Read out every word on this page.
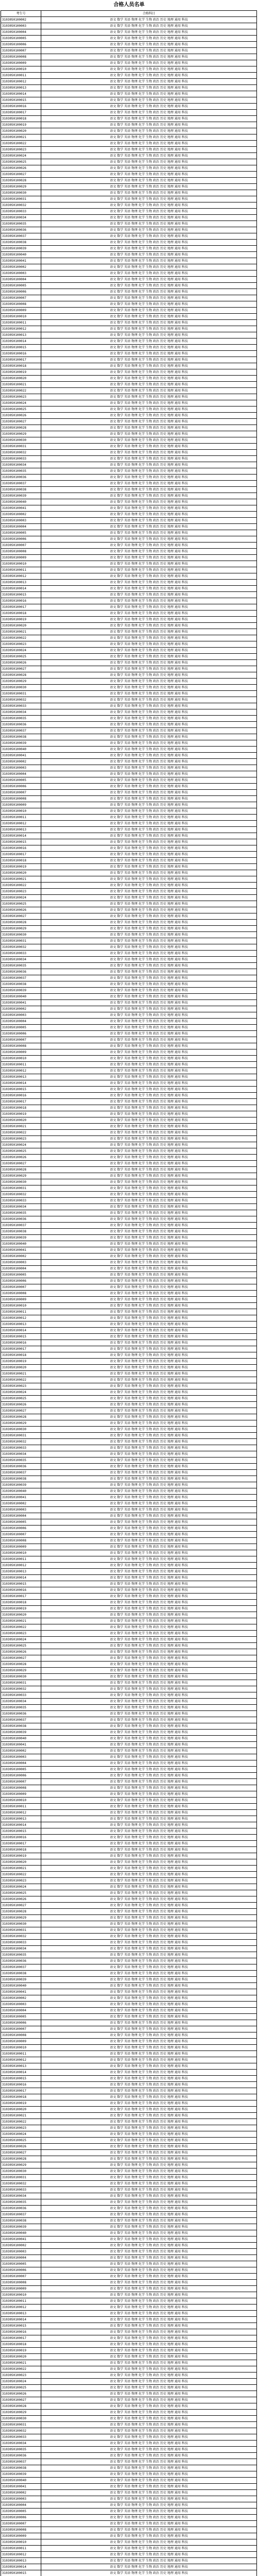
合格人员名单
考生号	合格科目
3103050100002	语文 数学 英语 物理 化学 生物 政治 历史 地理 通用 科技
3103050100003	语文 数学 英语 物理 化学 生物 政治 历史 地理 通用 科技
3103050100004	语文 数学 英语 物理 化学 生物 政治 历史 地理 通用 科技
3103050100005	语文 数学 英语 物理 化学 生物 政治 历史 地理 通用 科技
3103050100006	语文 数学 英语 物理 化学 生物 政治 历史 地理 通用 科技
3103050100007	语文 数学 英语 物理 化学 生物 政治 历史 地理 通用 科技
3103050100008	语文 数学 英语 物理 化学 生物 政治 历史 地理 通用 科技
3103050100009	语文 数学 英语 物理 化学 生物 政治 历史 地理 通用 科技
3103050100010	语文 数学 英语 物理 化学 生物 政治 历史 地理 通用 科技
3103050100011	语文 数学 英语 物理 化学 生物 政治 历史 地理 通用 科技
3103050100012	语文 数学 英语 物理 化学 生物 政治 历史 地理 通用 科技
3103050100013	语文 数学 英语 物理 化学 生物 政治 历史 地理 通用 科技
3103050100014	语文 数学 英语 物理 化学 生物 政治 历史 地理 通用 科技
3103050100015	语文 数学 英语 物理 化学 生物 政治 历史 地理 通用 科技
3103050100016	语文 数学 英语 物理 化学 生物 政治 历史 地理 通用 科技
3103050100017	语文 数学 英语 物理 化学 生物 政治 历史 地理 通用 科技
3103050100018	语文 数学 英语 物理 化学 生物 政治 历史 地理 通用 科技
3103050100019	语文 数学 英语 物理 化学 生物 政治 历史 地理 通用 科技
3103050100020	语文 数学 英语 物理 化学 生物 政治 历史 地理 通用 科技
3103050100021	语文 数学 英语 物理 化学 生物 政治 历史 地理 通用 科技
3103050100022	语文 数学 英语 物理 化学 生物 政治 历史 地理 通用 科技
3103050100023	语文 数学 英语 物理 化学 生物 政治 历史 地理 通用 科技
3103050100024	语文 数学 英语 物理 化学 生物 政治 历史 地理 通用 科技
3103050100025	语文 数学 英语 物理 化学 生物 政治 历史 地理 通用 科技
3103050100026	语文 数学 英语 物理 化学 生物 政治 历史 地理 通用 科技
3103050100027	语文 数学 英语 物理 化学 生物 政治 历史 地理 通用 科技
3103050100028	语文 数学 英语 物理 化学 生物 政治 历史 地理 通用 科技
3103050100029	语文 数学 英语 物理 化学 生物 政治 历史 地理 通用 科技
3103050100030	语文 数学 英语 物理 化学 生物 政治 历史 地理 通用 科技
3103050100031	语文 数学 英语 物理 化学 生物 政治 历史 地理 通用 科技
3103050100032	语文 数学 英语 物理 化学 生物 政治 历史 地理 通用 科技
3103050100033	语文 数学 英语 物理 化学 生物 政治 历史 地理 通用 科技
3103050100034	语文 数学 英语 物理 化学 生物 政治 历史 地理 通用 科技
3103050100035	语文 数学 英语 物理 化学 生物 政治 历史 地理 通用 科技
3103050100036	语文 数学 英语 物理 化学 生物 政治 历史 地理 通用 科技
3103050100037	语文 数学 英语 物理 化学 生物 政治 历史 地理 通用 科技
3103050100038	语文 数学 英语 物理 化学 生物 政治 历史 地理 通用 科技
3103050100039	语文 数学 英语 物理 化学 生物 政治 历史 地理 通用 科技
3103050100040	语文 数学 英语 物理 化学 生物 政治 历史 地理 通用 科技
3103050100041	语文 数学 英语 物理 化学 生物 政治 历史 地理 通用 科技
3103050100002	语文 数学 英语 物理 化学 生物 政治 历史 地理 通用 科技
3103050100003	语文 数学 英语 物理 化学 生物 政治 历史 地理 通用 科技
3103050100004	语文 数学 英语 物理 化学 生物 政治 历史 地理 通用 科技
3103050100005	语文 数学 英语 物理 化学 生物 政治 历史 地理 通用 科技
3103050100006	语文 数学 英语 物理 化学 生物 政治 历史 地理 通用 科技
3103050100007	语文 数学 英语 物理 化学 生物 政治 历史 地理 通用 科技
3103050100008	语文 数学 英语 物理 化学 生物 政治 历史 地理 通用 科技
3103050100009	语文 数学 英语 物理 化学 生物 政治 历史 地理 通用 科技
3103050100010	语文 数学 英语 物理 化学 生物 政治 历史 地理 通用 科技
3103050100011	语文 数学 英语 物理 化学 生物 政治 历史 地理 通用 科技
3103050100012	语文 数学 英语 物理 化学 生物 政治 历史 地理 通用 科技
3103050100013	语文 数学 英语 物理 化学 生物 政治 历史 地理 通用 科技
3103050100014	语文 数学 英语 物理 化学 生物 政治 历史 地理 通用 科技
3103050100015	语文 数学 英语 物理 化学 生物 政治 历史 地理 通用 科技
3103050100016	语文 数学 英语 物理 化学 生物 政治 历史 地理 通用 科技
3103050100017	语文 数学 英语 物理 化学 生物 政治 历史 地理 通用 科技
3103050100018	语文 数学 英语 物理 化学 生物 政治 历史 地理 通用 科技
3103050100019	语文 数学 英语 物理 化学 生物 政治 历史 地理 通用 科技
3103050100020	语文 数学 英语 物理 化学 生物 政治 历史 地理 通用 科技
3103050100021	语文 数学 英语 物理 化学 生物 政治 历史 地理 通用 科技
3103050100022	语文 数学 英语 物理 化学 生物 政治 历史 地理 通用 科技
3103050100023	语文 数学 英语 物理 化学 生物 政治 历史 地理 通用 科技
3103050100024	语文 数学 英语 物理 化学 生物 政治 历史 地理 通用 科技
3103050100025	语文 数学 英语 物理 化学 生物 政治 历史 地理 通用 科技
3103050100026	语文 数学 英语 物理 化学 生物 政治 历史 地理 通用 科技
3103050100027	语文 数学 英语 物理 化学 生物 政治 历史 地理 通用 科技
3103050100028	语文 数学 英语 物理 化学 生物 政治 历史 地理 通用 科技
3103050100029	语文 数学 英语 物理 化学 生物 政治 历史 地理 通用 科技
3103050100030	语文 数学 英语 物理 化学 生物 政治 历史 地理 通用 科技
3103050100031	语文 数学 英语 物理 化学 生物 政治 历史 地理 通用 科技
3103050100032	语文 数学 英语 物理 化学 生物 政治 历史 地理 通用 科技
3103050100033	语文 数学 英语 物理 化学 生物 政治 历史 地理 通用 科技
3103050100034	语文 数学 英语 物理 化学 生物 政治 历史 地理 通用 科技
3103050100035	语文 数学 英语 物理 化学 生物 政治 历史 地理 通用 科技
3103050100036	语文 数学 英语 物理 化学 生物 政治 历史 地理 通用 科技
3103050100037	语文 数学 英语 物理 化学 生物 政治 历史 地理 通用 科技
3103050100038	语文 数学 英语 物理 化学 生物 政治 历史 地理 通用 科技
3103050100039	语文 数学 英语 物理 化学 生物 政治 历史 地理 通用 科技
3103050100040	语文 数学 英语 物理 化学 生物 政治 历史 地理 通用 科技
3103050100041	语文 数学 英语 物理 化学 生物 政治 历史 地理 通用 科技
3103050100002	语文 数学 英语 物理 化学 生物 政治 历史 地理 通用 科技
3103050100003	语文 数学 英语 物理 化学 生物 政治 历史 地理 通用 科技
3103050100004	语文 数学 英语 物理 化学 生物 政治 历史 地理 通用 科技
3103050100005	语文 数学 英语 物理 化学 生物 政治 历史 地理 通用 科技
3103050100006	语文 数学 英语 物理 化学 生物 政治 历史 地理 通用 科技
3103050100007	语文 数学 英语 物理 化学 生物 政治 历史 地理 通用 科技
3103050100008	语文 数学 英语 物理 化学 生物 政治 历史 地理 通用 科技
3103050100009	语文 数学 英语 物理 化学 生物 政治 历史 地理 通用 科技
3103050100010	语文 数学 英语 物理 化学 生物 政治 历史 地理 通用 科技
3103050100011	语文 数学 英语 物理 化学 生物 政治 历史 地理 通用 科技
3103050100012	语文 数学 英语 物理 化学 生物 政治 历史 地理 通用 科技
3103050100013	语文 数学 英语 物理 化学 生物 政治 历史 地理 通用 科技
3103050100014	语文 数学 英语 物理 化学 生物 政治 历史 地理 通用 科技
3103050100015	语文 数学 英语 物理 化学 生物 政治 历史 地理 通用 科技
3103050100016	语文 数学 英语 物理 化学 生物 政治 历史 地理 通用 科技
3103050100017	语文 数学 英语 物理 化学 生物 政治 历史 地理 通用 科技
3103050100018	语文 数学 英语 物理 化学 生物 政治 历史 地理 通用 科技
3103050100019	语文 数学 英语 物理 化学 生物 政治 历史 地理 通用 科技
3103050100020	语文 数学 英语 物理 化学 生物 政治 历史 地理 通用 科技
3103050100021	语文 数学 英语 物理 化学 生物 政治 历史 地理 通用 科技
3103050100022	语文 数学 英语 物理 化学 生物 政治 历史 地理 通用 科技
3103050100023	语文 数学 英语 物理 化学 生物 政治 历史 地理 通用 科技
3103050100024	语文 数学 英语 物理 化学 生物 政治 历史 地理 通用 科技
3103050100025	语文 数学 英语 物理 化学 生物 政治 历史 地理 通用 科技
3103050100026	语文 数学 英语 物理 化学 生物 政治 历史 地理 通用 科技
3103050100027	语文 数学 英语 物理 化学 生物 政治 历史 地理 通用 科技
3103050100028	语文 数学 英语 物理 化学 生物 政治 历史 地理 通用 科技
3103050100029	语文 数学 英语 物理 化学 生物 政治 历史 地理 通用 科技
3103050100030	语文 数学 英语 物理 化学 生物 政治 历史 地理 通用 科技
3103050100031	语文 数学 英语 物理 化学 生物 政治 历史 地理 通用 科技
3103050100032	语文 数学 英语 物理 化学 生物 政治 历史 地理 通用 科技
3103050100033	语文 数学 英语 物理 化学 生物 政治 历史 地理 通用 科技
3103050100034	语文 数学 英语 物理 化学 生物 政治 历史 地理 通用 科技
3103050100035	语文 数学 英语 物理 化学 生物 政治 历史 地理 通用 科技
3103050100036	语文 数学 英语 物理 化学 生物 政治 历史 地理 通用 科技
3103050100037	语文 数学 英语 物理 化学 生物 政治 历史 地理 通用 科技
3103050100038	语文 数学 英语 物理 化学 生物 政治 历史 地理 通用 科技
3103050100039	语文 数学 英语 物理 化学 生物 政治 历史 地理 通用 科技
3103050100040	语文 数学 英语 物理 化学 生物 政治 历史 地理 通用 科技
3103050100041	语文 数学 英语 物理 化学 生物 政治 历史 地理 通用 科技
3103050100002	语文 数学 英语 物理 化学 生物 政治 历史 地理 通用 科技
3103050100003	语文 数学 英语 物理 化学 生物 政治 历史 地理 通用 科技
3103050100004	语文 数学 英语 物理 化学 生物 政治 历史 地理 通用 科技
3103050100005	语文 数学 英语 物理 化学 生物 政治 历史 地理 通用 科技
3103050100006	语文 数学 英语 物理 化学 生物 政治 历史 地理 通用 科技
3103050100007	语文 数学 英语 物理 化学 生物 政治 历史 地理 通用 科技
3103050100008	语文 数学 英语 物理 化学 生物 政治 历史 地理 通用 科技
3103050100009	语文 数学 英语 物理 化学 生物 政治 历史 地理 通用 科技
3103050100010	语文 数学 英语 物理 化学 生物 政治 历史 地理 通用 科技
3103050100011	语文 数学 英语 物理 化学 生物 政治 历史 地理 通用 科技
3103050100012	语文 数学 英语 物理 化学 生物 政治 历史 地理 通用 科技
3103050100013	语文 数学 英语 物理 化学 生物 政治 历史 地理 通用 科技
3103050100014	语文 数学 英语 物理 化学 生物 政治 历史 地理 通用 科技
3103050100015	语文 数学 英语 物理 化学 生物 政治 历史 地理 通用 科技
3103050100016	语文 数学 英语 物理 化学 生物 政治 历史 地理 通用 科技
3103050100017	语文 数学 英语 物理 化学 生物 政治 历史 地理 通用 科技
3103050100018	语文 数学 英语 物理 化学 生物 政治 历史 地理 通用 科技
3103050100019	语文 数学 英语 物理 化学 生物 政治 历史 地理 通用 科技
3103050100020	语文 数学 英语 物理 化学 生物 政治 历史 地理 通用 科技
3103050100021	语文 数学 英语 物理 化学 生物 政治 历史 地理 通用 科技
3103050100022	语文 数学 英语 物理 化学 生物 政治 历史 地理 通用 科技
3103050100023	语文 数学 英语 物理 化学 生物 政治 历史 地理 通用 科技
3103050100024	语文 数学 英语 物理 化学 生物 政治 历史 地理 通用 科技
3103050100025	语文 数学 英语 物理 化学 生物 政治 历史 地理 通用 科技
3103050100026	语文 数学 英语 物理 化学 生物 政治 历史 地理 通用 科技
3103050100027	语文 数学 英语 物理 化学 生物 政治 历史 地理 通用 科技
3103050100028	语文 数学 英语 物理 化学 生物 政治 历史 地理 通用 科技
3103050100029	语文 数学 英语 物理 化学 生物 政治 历史 地理 通用 科技
3103050100030	语文 数学 英语 物理 化学 生物 政治 历史 地理 通用 科技
3103050100031	语文 数学 英语 物理 化学 生物 政治 历史 地理 通用 科技
3103050100032	语文 数学 英语 物理 化学 生物 政治 历史 地理 通用 科技
3103050100033	语文 数学 英语 物理 化学 生物 政治 历史 地理 通用 科技
3103050100034	语文 数学 英语 物理 化学 生物 政治 历史 地理 通用 科技
3103050100035	语文 数学 英语 物理 化学 生物 政治 历史 地理 通用 科技
3103050100036	语文 数学 英语 物理 化学 生物 政治 历史 地理 通用 科技
3103050100037	语文 数学 英语 物理 化学 生物 政治 历史 地理 通用 科技
3103050100038	语文 数学 英语 物理 化学 生物 政治 历史 地理 通用 科技
3103050100039	语文 数学 英语 物理 化学 生物 政治 历史 地理 通用 科技
3103050100040	语文 数学 英语 物理 化学 生物 政治 历史 地理 通用 科技
3103050100041	语文 数学 英语 物理 化学 生物 政治 历史 地理 通用 科技
3103050100002	语文 数学 英语 物理 化学 生物 政治 历史 地理 通用 科技
3103050100003	语文 数学 英语 物理 化学 生物 政治 历史 地理 通用 科技
3103050100004	语文 数学 英语 物理 化学 生物 政治 历史 地理 通用 科技
3103050100005	语文 数学 英语 物理 化学 生物 政治 历史 地理 通用 科技
3103050100006	语文 数学 英语 物理 化学 生物 政治 历史 地理 通用 科技
3103050100007	语文 数学 英语 物理 化学 生物 政治 历史 地理 通用 科技
3103050100008	语文 数学 英语 物理 化学 生物 政治 历史 地理 通用 科技
3103050100009	语文 数学 英语 物理 化学 生物 政治 历史 地理 通用 科技
3103050100010	语文 数学 英语 物理 化学 生物 政治 历史 地理 通用 科技
3103050100011	语文 数学 英语 物理 化学 生物 政治 历史 地理 通用 科技
3103050100012	语文 数学 英语 物理 化学 生物 政治 历史 地理 通用 科技
3103050100013	语文 数学 英语 物理 化学 生物 政治 历史 地理 通用 科技
3103050100014	语文 数学 英语 物理 化学 生物 政治 历史 地理 通用 科技
3103050100015	语文 数学 英语 物理 化学 生物 政治 历史 地理 通用 科技
3103050100016	语文 数学 英语 物理 化学 生物 政治 历史 地理 通用 科技
3103050100017	语文 数学 英语 物理 化学 生物 政治 历史 地理 通用 科技
3103050100018	语文 数学 英语 物理 化学 生物 政治 历史 地理 通用 科技
3103050100019	语文 数学 英语 物理 化学 生物 政治 历史 地理 通用 科技
3103050100020	语文 数学 英语 物理 化学 生物 政治 历史 地理 通用 科技
3103050100021	语文 数学 英语 物理 化学 生物 政治 历史 地理 通用 科技
3103050100022	语文 数学 英语 物理 化学 生物 政治 历史 地理 通用 科技
3103050100023	语文 数学 英语 物理 化学 生物 政治 历史 地理 通用 科技
3103050100024	语文 数学 英语 物理 化学 生物 政治 历史 地理 通用 科技
3103050100025	语文 数学 英语 物理 化学 生物 政治 历史 地理 通用 科技
3103050100026	语文 数学 英语 物理 化学 生物 政治 历史 地理 通用 科技
3103050100027	语文 数学 英语 物理 化学 生物 政治 历史 地理 通用 科技
3103050100028	语文 数学 英语 物理 化学 生物 政治 历史 地理 通用 科技
3103050100029	语文 数学 英语 物理 化学 生物 政治 历史 地理 通用 科技
3103050100030	语文 数学 英语 物理 化学 生物 政治 历史 地理 通用 科技
3103050100031	语文 数学 英语 物理 化学 生物 政治 历史 地理 通用 科技
3103050100032	语文 数学 英语 物理 化学 生物 政治 历史 地理 通用 科技
3103050100033	语文 数学 英语 物理 化学 生物 政治 历史 地理 通用 科技
3103050100034	语文 数学 英语 物理 化学 生物 政治 历史 地理 通用 科技
3103050100035	语文 数学 英语 物理 化学 生物 政治 历史 地理 通用 科技
3103050100036	语文 数学 英语 物理 化学 生物 政治 历史 地理 通用 科技
3103050100037	语文 数学 英语 物理 化学 生物 政治 历史 地理 通用 科技
3103050100038	语文 数学 英语 物理 化学 生物 政治 历史 地理 通用 科技
3103050100039	语文 数学 英语 物理 化学 生物 政治 历史 地理 通用 科技
3103050100040	语文 数学 英语 物理 化学 生物 政治 历史 地理 通用 科技
3103050100041	语文 数学 英语 物理 化学 生物 政治 历史 地理 通用 科技
3103050100002	语文 数学 英语 物理 化学 生物 政治 历史 地理 通用 科技
3103050100003	语文 数学 英语 物理 化学 生物 政治 历史 地理 通用 科技
3103050100004	语文 数学 英语 物理 化学 生物 政治 历史 地理 通用 科技
3103050100005	语文 数学 英语 物理 化学 生物 政治 历史 地理 通用 科技
3103050100006	语文 数学 英语 物理 化学 生物 政治 历史 地理 通用 科技
3103050100007	语文 数学 英语 物理 化学 生物 政治 历史 地理 通用 科技
3103050100008	语文 数学 英语 物理 化学 生物 政治 历史 地理 通用 科技
3103050100009	语文 数学 英语 物理 化学 生物 政治 历史 地理 通用 科技
3103050100010	语文 数学 英语 物理 化学 生物 政治 历史 地理 通用 科技
3103050100011	语文 数学 英语 物理 化学 生物 政治 历史 地理 通用 科技
3103050100012	语文 数学 英语 物理 化学 生物 政治 历史 地理 通用 科技
3103050100013	语文 数学 英语 物理 化学 生物 政治 历史 地理 通用 科技
3103050100014	语文 数学 英语 物理 化学 生物 政治 历史 地理 通用 科技
3103050100015	语文 数学 英语 物理 化学 生物 政治 历史 地理 通用 科技
3103050100016	语文 数学 英语 物理 化学 生物 政治 历史 地理 通用 科技
3103050100017	语文 数学 英语 物理 化学 生物 政治 历史 地理 通用 科技
3103050100018	语文 数学 英语 物理 化学 生物 政治 历史 地理 通用 科技
3103050100019	语文 数学 英语 物理 化学 生物 政治 历史 地理 通用 科技
3103050100020	语文 数学 英语 物理 化学 生物 政治 历史 地理 通用 科技
3103050100021	语文 数学 英语 物理 化学 生物 政治 历史 地理 通用 科技
3103050100022	语文 数学 英语 物理 化学 生物 政治 历史 地理 通用 科技
3103050100023	语文 数学 英语 物理 化学 生物 政治 历史 地理 通用 科技
3103050100024	语文 数学 英语 物理 化学 生物 政治 历史 地理 通用 科技
3103050100025	语文 数学 英语 物理 化学 生物 政治 历史 地理 通用 科技
3103050100026	语文 数学 英语 物理 化学 生物 政治 历史 地理 通用 科技
3103050100027	语文 数学 英语 物理 化学 生物 政治 历史 地理 通用 科技
3103050100028	语文 数学 英语 物理 化学 生物 政治 历史 地理 通用 科技
3103050100029	语文 数学 英语 物理 化学 生物 政治 历史 地理 通用 科技
3103050100030	语文 数学 英语 物理 化学 生物 政治 历史 地理 通用 科技
3103050100031	语文 数学 英语 物理 化学 生物 政治 历史 地理 通用 科技
3103050100032	语文 数学 英语 物理 化学 生物 政治 历史 地理 通用 科技
3103050100033	语文 数学 英语 物理 化学 生物 政治 历史 地理 通用 科技
3103050100034	语文 数学 英语 物理 化学 生物 政治 历史 地理 通用 科技
3103050100035	语文 数学 英语 物理 化学 生物 政治 历史 地理 通用 科技
3103050100036	语文 数学 英语 物理 化学 生物 政治 历史 地理 通用 科技
3103050100037	语文 数学 英语 物理 化学 生物 政治 历史 地理 通用 科技
3103050100038	语文 数学 英语 物理 化学 生物 政治 历史 地理 通用 科技
3103050100039	语文 数学 英语 物理 化学 生物 政治 历史 地理 通用 科技
3103050100040	语文 数学 英语 物理 化学 生物 政治 历史 地理 通用 科技
3103050100041	语文 数学 英语 物理 化学 生物 政治 历史 地理 通用 科技
3103050100002	语文 数学 英语 物理 化学 生物 政治 历史 地理 通用 科技
3103050100003	语文 数学 英语 物理 化学 生物 政治 历史 地理 通用 科技
3103050100004	语文 数学 英语 物理 化学 生物 政治 历史 地理 通用 科技
3103050100005	语文 数学 英语 物理 化学 生物 政治 历史 地理 通用 科技
3103050100006	语文 数学 英语 物理 化学 生物 政治 历史 地理 通用 科技
3103050100007	语文 数学 英语 物理 化学 生物 政治 历史 地理 通用 科技
3103050100008	语文 数学 英语 物理 化学 生物 政治 历史 地理 通用 科技
3103050100009	语文 数学 英语 物理 化学 生物 政治 历史 地理 通用 科技
3103050100010	语文 数学 英语 物理 化学 生物 政治 历史 地理 通用 科技
3103050100011	语文 数学 英语 物理 化学 生物 政治 历史 地理 通用 科技
3103050100012	语文 数学 英语 物理 化学 生物 政治 历史 地理 通用 科技
3103050100013	语文 数学 英语 物理 化学 生物 政治 历史 地理 通用 科技
3103050100014	语文 数学 英语 物理 化学 生物 政治 历史 地理 通用 科技
3103050100015	语文 数学 英语 物理 化学 生物 政治 历史 地理 通用 科技
3103050100016	语文 数学 英语 物理 化学 生物 政治 历史 地理 通用 科技
3103050100017	语文 数学 英语 物理 化学 生物 政治 历史 地理 通用 科技
3103050100018	语文 数学 英语 物理 化学 生物 政治 历史 地理 通用 科技
3103050100019	语文 数学 英语 物理 化学 生物 政治 历史 地理 通用 科技
3103050100020	语文 数学 英语 物理 化学 生物 政治 历史 地理 通用 科技
3103050100021	语文 数学 英语 物理 化学 生物 政治 历史 地理 通用 科技
3103050100022	语文 数学 英语 物理 化学 生物 政治 历史 地理 通用 科技
3103050100023	语文 数学 英语 物理 化学 生物 政治 历史 地理 通用 科技
3103050100024	语文 数学 英语 物理 化学 生物 政治 历史 地理 通用 科技
3103050100025	语文 数学 英语 物理 化学 生物 政治 历史 地理 通用 科技
3103050100026	语文 数学 英语 物理 化学 生物 政治 历史 地理 通用 科技
3103050100027	语文 数学 英语 物理 化学 生物 政治 历史 地理 通用 科技
3103050100028	语文 数学 英语 物理 化学 生物 政治 历史 地理 通用 科技
3103050100029	语文 数学 英语 物理 化学 生物 政治 历史 地理 通用 科技
3103050100030	语文 数学 英语 物理 化学 生物 政治 历史 地理 通用 科技
3103050100031	语文 数学 英语 物理 化学 生物 政治 历史 地理 通用 科技
3103050100032	语文 数学 英语 物理 化学 生物 政治 历史 地理 通用 科技
3103050100033	语文 数学 英语 物理 化学 生物 政治 历史 地理 通用 科技
3103050100034	语文 数学 英语 物理 化学 生物 政治 历史 地理 通用 科技
3103050100035	语文 数学 英语 物理 化学 生物 政治 历史 地理 通用 科技
3103050100036	语文 数学 英语 物理 化学 生物 政治 历史 地理 通用 科技
3103050100037	语文 数学 英语 物理 化学 生物 政治 历史 地理 通用 科技
3103050100038	语文 数学 英语 物理 化学 生物 政治 历史 地理 通用 科技
3103050100039	语文 数学 英语 物理 化学 生物 政治 历史 地理 通用 科技
3103050100040	语文 数学 英语 物理 化学 生物 政治 历史 地理 通用 科技
3103050100041	语文 数学 英语 物理 化学 生物 政治 历史 地理 通用 科技
3103050100002	语文 数学 英语 物理 化学 生物 政治 历史 地理 通用 科技
3103050100003	语文 数学 英语 物理 化学 生物 政治 历史 地理 通用 科技
3103050100004	语文 数学 英语 物理 化学 生物 政治 历史 地理 通用 科技
3103050100005	语文 数学 英语 物理 化学 生物 政治 历史 地理 通用 科技
3103050100006	语文 数学 英语 物理 化学 生物 政治 历史 地理 通用 科技
3103050100007	语文 数学 英语 物理 化学 生物 政治 历史 地理 通用 科技
3103050100008	语文 数学 英语 物理 化学 生物 政治 历史 地理 通用 科技
3103050100009	语文 数学 英语 物理 化学 生物 政治 历史 地理 通用 科技
3103050100010	语文 数学 英语 物理 化学 生物 政治 历史 地理 通用 科技
3103050100011	语文 数学 英语 物理 化学 生物 政治 历史 地理 通用 科技
3103050100012	语文 数学 英语 物理 化学 生物 政治 历史 地理 通用 科技
3103050100013	语文 数学 英语 物理 化学 生物 政治 历史 地理 通用 科技
3103050100014	语文 数学 英语 物理 化学 生物 政治 历史 地理 通用 科技
3103050100015	语文 数学 英语 物理 化学 生物 政治 历史 地理 通用 科技
3103050100016	语文 数学 英语 物理 化学 生物 政治 历史 地理 通用 科技
3103050100017	语文 数学 英语 物理 化学 生物 政治 历史 地理 通用 科技
3103050100018	语文 数学 英语 物理 化学 生物 政治 历史 地理 通用 科技
3103050100019	语文 数学 英语 物理 化学 生物 政治 历史 地理 通用 科技
3103050100020	语文 数学 英语 物理 化学 生物 政治 历史 地理 通用 科技
3103050100021	语文 数学 英语 物理 化学 生物 政治 历史 地理 通用 科技
3103050100022	语文 数学 英语 物理 化学 生物 政治 历史 地理 通用 科技
3103050100023	语文 数学 英语 物理 化学 生物 政治 历史 地理 通用 科技
3103050100024	语文 数学 英语 物理 化学 生物 政治 历史 地理 通用 科技
3103050100025	语文 数学 英语 物理 化学 生物 政治 历史 地理 通用 科技
3103050100026	语文 数学 英语 物理 化学 生物 政治 历史 地理 通用 科技
3103050100027	语文 数学 英语 物理 化学 生物 政治 历史 地理 通用 科技
3103050100028	语文 数学 英语 物理 化学 生物 政治 历史 地理 通用 科技
3103050100029	语文 数学 英语 物理 化学 生物 政治 历史 地理 通用 科技
3103050100030	语文 数学 英语 物理 化学 生物 政治 历史 地理 通用 科技
3103050100031	语文 数学 英语 物理 化学 生物 政治 历史 地理 通用 科技
3103050100032	语文 数学 英语 物理 化学 生物 政治 历史 地理 通用 科技
3103050100033	语文 数学 英语 物理 化学 生物 政治 历史 地理 通用 科技
3103050100034	语文 数学 英语 物理 化学 生物 政治 历史 地理 通用 科技
3103050100035	语文 数学 英语 物理 化学 生物 政治 历史 地理 通用 科技
3103050100036	语文 数学 英语 物理 化学 生物 政治 历史 地理 通用 科技
3103050100037	语文 数学 英语 物理 化学 生物 政治 历史 地理 通用 科技
3103050100038	语文 数学 英语 物理 化学 生物 政治 历史 地理 通用 科技
3103050100039	语文 数学 英语 物理 化学 生物 政治 历史 地理 通用 科技
3103050100040	语文 数学 英语 物理 化学 生物 政治 历史 地理 通用 科技
3103050100041	语文 数学 英语 物理 化学 生物 政治 历史 地理 通用 科技
3103050100002	语文 数学 英语 物理 化学 生物 政治 历史 地理 通用 科技
3103050100003	语文 数学 英语 物理 化学 生物 政治 历史 地理 通用 科技
3103050100004	语文 数学 英语 物理 化学 生物 政治 历史 地理 通用 科技
3103050100005	语文 数学 英语 物理 化学 生物 政治 历史 地理 通用 科技
3103050100006	语文 数学 英语 物理 化学 生物 政治 历史 地理 通用 科技
3103050100007	语文 数学 英语 物理 化学 生物 政治 历史 地理 通用 科技
3103050100008	语文 数学 英语 物理 化学 生物 政治 历史 地理 通用 科技
3103050100009	语文 数学 英语 物理 化学 生物 政治 历史 地理 通用 科技
3103050100010	语文 数学 英语 物理 化学 生物 政治 历史 地理 通用 科技
3103050100011	语文 数学 英语 物理 化学 生物 政治 历史 地理 通用 科技
3103050100012	语文 数学 英语 物理 化学 生物 政治 历史 地理 通用 科技
3103050100013	语文 数学 英语 物理 化学 生物 政治 历史 地理 通用 科技
3103050100014	语文 数学 英语 物理 化学 生物 政治 历史 地理 通用 科技
3103050100015	语文 数学 英语 物理 化学 生物 政治 历史 地理 通用 科技
3103050100016	语文 数学 英语 物理 化学 生物 政治 历史 地理 通用 科技
3103050100017	语文 数学 英语 物理 化学 生物 政治 历史 地理 通用 科技
3103050100018	语文 数学 英语 物理 化学 生物 政治 历史 地理 通用 科技
3103050100019	语文 数学 英语 物理 化学 生物 政治 历史 地理 通用 科技
3103050100020	语文 数学 英语 物理 化学 生物 政治 历史 地理 通用 科技
3103050100021	语文 数学 英语 物理 化学 生物 政治 历史 地理 通用 科技
3103050100022	语文 数学 英语 物理 化学 生物 政治 历史 地理 通用 科技
3103050100023	语文 数学 英语 物理 化学 生物 政治 历史 地理 通用 科技
3103050100024	语文 数学 英语 物理 化学 生物 政治 历史 地理 通用 科技
3103050100025	语文 数学 英语 物理 化学 生物 政治 历史 地理 通用 科技
3103050100026	语文 数学 英语 物理 化学 生物 政治 历史 地理 通用 科技
3103050100027	语文 数学 英语 物理 化学 生物 政治 历史 地理 通用 科技
3103050100028	语文 数学 英语 物理 化学 生物 政治 历史 地理 通用 科技
3103050100029	语文 数学 英语 物理 化学 生物 政治 历史 地理 通用 科技
3103050100030	语文 数学 英语 物理 化学 生物 政治 历史 地理 通用 科技
3103050100031	语文 数学 英语 物理 化学 生物 政治 历史 地理 通用 科技
3103050100032	语文 数学 英语 物理 化学 生物 政治 历史 地理 通用 科技
3103050100033	语文 数学 英语 物理 化学 生物 政治 历史 地理 通用 科技
3103050100034	语文 数学 英语 物理 化学 生物 政治 历史 地理 通用 科技
3103050100035	语文 数学 英语 物理 化学 生物 政治 历史 地理 通用 科技
3103050100036	语文 数学 英语 物理 化学 生物 政治 历史 地理 通用 科技
3103050100037	语文 数学 英语 物理 化学 生物 政治 历史 地理 通用 科技
3103050100038	语文 数学 英语 物理 化学 生物 政治 历史 地理 通用 科技
3103050100039	语文 数学 英语 物理 化学 生物 政治 历史 地理 通用 科技
3103050100040	语文 数学 英语 物理 化学 生物 政治 历史 地理 通用 科技
3103050100041	语文 数学 英语 物理 化学 生物 政治 历史 地理 通用 科技
3103050100002	语文 数学 英语 物理 化学 生物 政治 历史 地理 通用 科技
3103050100003	语文 数学 英语 物理 化学 生物 政治 历史 地理 通用 科技
3103050100004	语文 数学 英语 物理 化学 生物 政治 历史 地理 通用 科技
3103050100005	语文 数学 英语 物理 化学 生物 政治 历史 地理 通用 科技
3103050100006	语文 数学 英语 物理 化学 生物 政治 历史 地理 通用 科技
3103050100007	语文 数学 英语 物理 化学 生物 政治 历史 地理 通用 科技
3103050100008	语文 数学 英语 物理 化学 生物 政治 历史 地理 通用 科技
3103050100009	语文 数学 英语 物理 化学 生物 政治 历史 地理 通用 科技
3103050100010	语文 数学 英语 物理 化学 生物 政治 历史 地理 通用 科技
3103050100011	语文 数学 英语 物理 化学 生物 政治 历史 地理 通用 科技
3103050100012	语文 数学 英语 物理 化学 生物 政治 历史 地理 通用 科技
3103050100013	语文 数学 英语 物理 化学 生物 政治 历史 地理 通用 科技
3103050100014	语文 数学 英语 物理 化学 生物 政治 历史 地理 通用 科技
3103050100015	语文 数学 英语 物理 化学 生物 政治 历史 地理 通用 科技
3103050100016	语文 数学 英语 物理 化学 生物 政治 历史 地理 通用 科技
3103050100017	语文 数学 英语 物理 化学 生物 政治 历史 地理 通用 科技
3103050100018	语文 数学 英语 物理 化学 生物 政治 历史 地理 通用 科技
3103050100019	语文 数学 英语 物理 化学 生物 政治 历史 地理 通用 科技
3103050100020	语文 数学 英语 物理 化学 生物 政治 历史 地理 通用 科技
3103050100021	语文 数学 英语 物理 化学 生物 政治 历史 地理 通用 科技
3103050100022	语文 数学 英语 物理 化学 生物 政治 历史 地理 通用 科技
3103050100023	语文 数学 英语 物理 化学 生物 政治 历史 地理 通用 科技
3103050100024	语文 数学 英语 物理 化学 生物 政治 历史 地理 通用 科技
3103050100025	语文 数学 英语 物理 化学 生物 政治 历史 地理 通用 科技
3103050100026	语文 数学 英语 物理 化学 生物 政治 历史 地理 通用 科技
3103050100027	语文 数学 英语 物理 化学 生物 政治 历史 地理 通用 科技
3103050100028	语文 数学 英语 物理 化学 生物 政治 历史 地理 通用 科技
3103050100029	语文 数学 英语 物理 化学 生物 政治 历史 地理 通用 科技
3103050100030	语文 数学 英语 物理 化学 生物 政治 历史 地理 通用 科技
3103050100031	语文 数学 英语 物理 化学 生物 政治 历史 地理 通用 科技
3103050100032	语文 数学 英语 物理 化学 生物 政治 历史 地理 通用 科技
3103050100033	语文 数学 英语 物理 化学 生物 政治 历史 地理 通用 科技
3103050100034	语文 数学 英语 物理 化学 生物 政治 历史 地理 通用 科技
3103050100035	语文 数学 英语 物理 化学 生物 政治 历史 地理 通用 科技
3103050100036	语文 数学 英语 物理 化学 生物 政治 历史 地理 通用 科技
3103050100037	语文 数学 英语 物理 化学 生物 政治 历史 地理 通用 科技
3103050100038	语文 数学 英语 物理 化学 生物 政治 历史 地理 通用 科技
3103050100039	语文 数学 英语 物理 化学 生物 政治 历史 地理 通用 科技
3103050100040	语文 数学 英语 物理 化学 生物 政治 历史 地理 通用 科技
3103050100041	语文 数学 英语 物理 化学 生物 政治 历史 地理 通用 科技
3103050100002	语文 数学 英语 物理 化学 生物 政治 历史 地理 通用 科技
3103050100003	语文 数学 英语 物理 化学 生物 政治 历史 地理 通用 科技
3103050100004	语文 数学 英语 物理 化学 生物 政治 历史 地理 通用 科技
3103050100005	语文 数学 英语 物理 化学 生物 政治 历史 地理 通用 科技
3103050100006	语文 数学 英语 物理 化学 生物 政治 历史 地理 通用 科技
3103050100007	语文 数学 英语 物理 化学 生物 政治 历史 地理 通用 科技
3103050100008	语文 数学 英语 物理 化学 生物 政治 历史 地理 通用 科技
3103050100009	语文 数学 英语 物理 化学 生物 政治 历史 地理 通用 科技
3103050100010	语文 数学 英语 物理 化学 生物 政治 历史 地理 通用 科技
3103050100011	语文 数学 英语 物理 化学 生物 政治 历史 地理 通用 科技
3103050100012	语文 数学 英语 物理 化学 生物 政治 历史 地理 通用 科技
3103050100013	语文 数学 英语 物理 化学 生物 政治 历史 地理 通用 科技
3103050100014	语文 数学 英语 物理 化学 生物 政治 历史 地理 通用 科技
3103050100015	语文 数学 英语 物理 化学 生物 政治 历史 地理 通用 科技
